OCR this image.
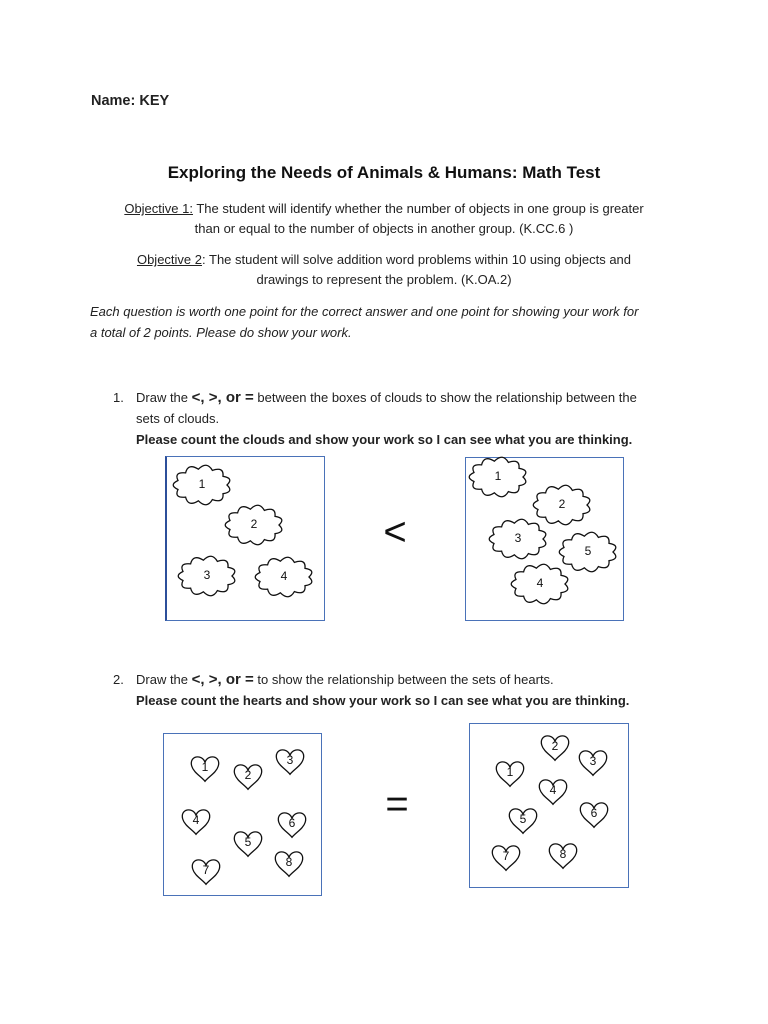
Name: KEY
Exploring the Needs of Animals & Humans: Math Test
Objective 1: The student will identify whether the number of objects in one group is greater
than or equal to the number of objects in another group. (K.CC.6 )
Objective 2: The student will solve addition word problems within 10 using objects and
drawings to represent the problem. (K.OA.2)
Each question is worth one point for the correct answer and one point for showing your work for
a total of 2 points. Please do show your work.
1. Draw the <, >, or = between the boxes of clouds to show the relationship between the
sets of clouds.
Please count the clouds and show your work so I can see what you are thinking.
<
1
2
3	4
1
2
3
5
4
2. Draw the <, >, or = to show the relationship between the sets of hearts.
Please count the hearts and show your work so I can see what you are thinking.
=
1
2
3
4
5
6
7
8
2
3
1
4
5	6
7	8
